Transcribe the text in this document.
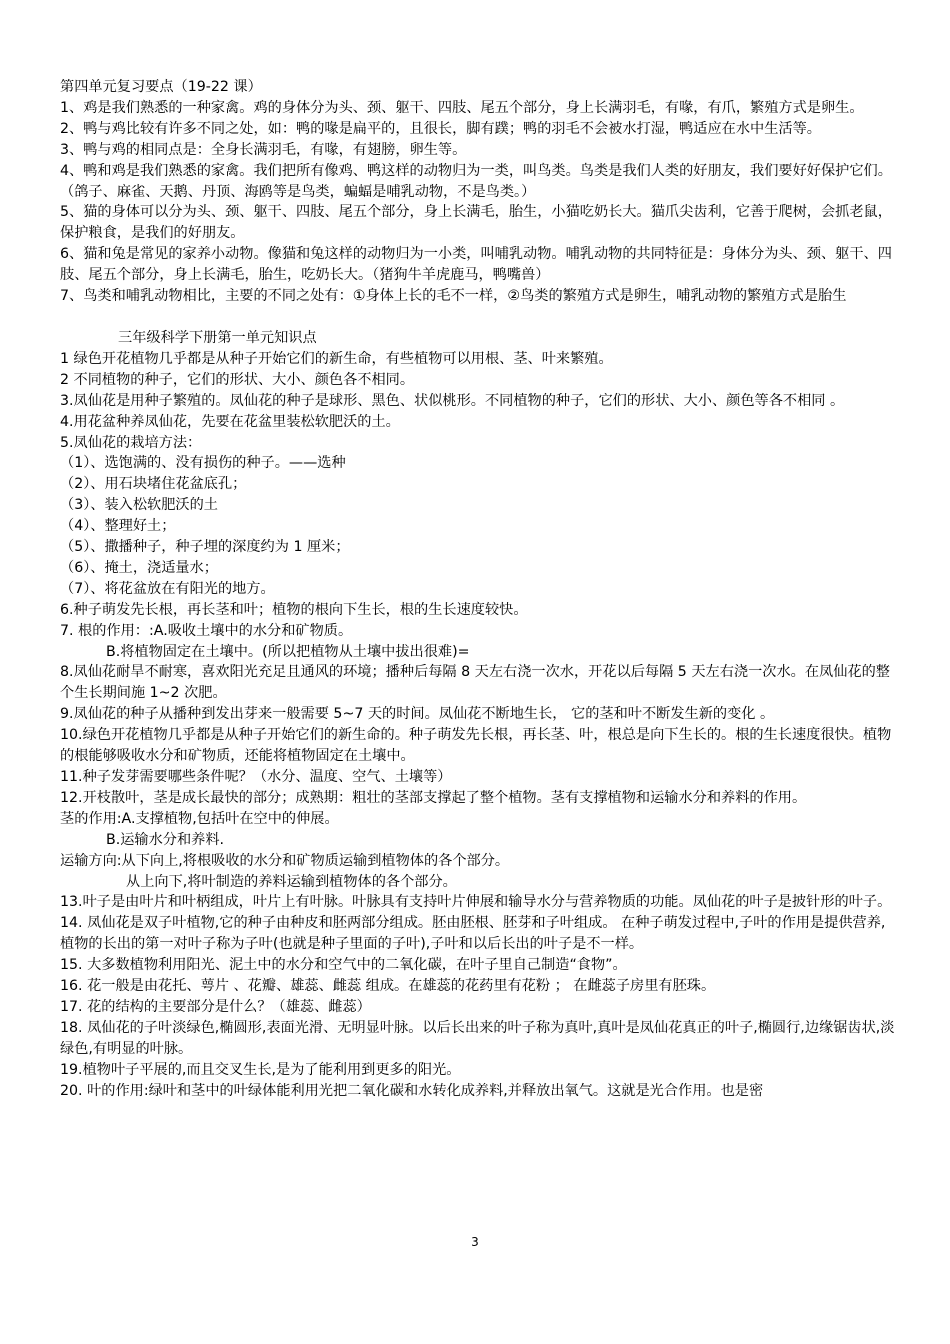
第四单元复习要点（19-22 课）

1、鸡是我们熟悉的一种家禽。鸡的身体分为头、颈、躯干、四肢、尾五个部分，身上长满羽毛，有喙，有爪，繁殖方式是卵生。

2、鸭与鸡比较有许多不同之处，如：鸭的喙是扁平的，且很长，脚有蹼；鸭的羽毛不会被水打湿，鸭适应在水中生活等。

3、鸭与鸡的相同点是：全身长满羽毛，有喙，有翅膀，卵生等。

4、鸭和鸡是我们熟悉的家禽。我们把所有像鸡、鸭这样的动物归为一类，叫鸟类。鸟类是我们人类的好朋友，我们要好好保护它们。（鸽子、麻雀、天鹅、丹顶、海鸥等是鸟类，蝙蝠是哺乳动物，不是鸟类。）

5、猫的身体可以分为头、颈、躯干、四肢、尾五个部分，身上长满毛，胎生，小猫吃奶长大。猫爪尖齿利，它善于爬树，会抓老鼠，保护粮食，是我们的好朋友。

6、猫和兔是常见的家养小动物。像猫和兔这样的动物归为一小类，叫哺乳动物。哺乳动物的共同特征是：身体分为头、颈、躯干、四肢、尾五个部分，身上长满毛，胎生，吃奶长大。（猪狗牛羊虎鹿马，鸭嘴兽）

7、鸟类和哺乳动物相比，主要的不同之处有：①身体上长的毛不一样，②鸟类的繁殖方式是卵生，哺乳动物的繁殖方式是胎生

三年级科学下册第一单元知识点

1 绿色开花植物几乎都是从种子开始它们的新生命，有些植物可以用根、茎、叶来繁殖。

2 不同植物的种子，它们的形状、大小、颜色各不相同。

3.凤仙花是用种子繁殖的。凤仙花的种子是球形、黑色、状似桃形。不同植物的种子，它们的形状、大小、颜色等各不相同 。

4.用花盆种养凤仙花，先要在花盆里装松软肥沃的土。

5.凤仙花的栽培方法：

（1）、选饱满的、没有损伤的种子。——选种

（2）、用石块堵住花盆底孔；

（3）、装入松软肥沃的土

（4）、整理好土；

（5）、撒播种子，种子埋的深度约为 1 厘米；

（6）、掩土，浇适量水；

（7）、将花盆放在有阳光的地方。

6.种子萌发先长根，再长茎和叶；植物的根向下生长，根的生长速度较快。

7. 根的作用：:A.吸收土壤中的水分和矿物质。

B.将植物固定在土壤中。(所以把植物从土壤中拔出很难)=

8.凤仙花耐旱不耐寒，喜欢阳光充足且通风的环境；播种后每隔 8 天左右浇一次水，开花以后每隔 5 天左右浇一次水。在凤仙花的整个生长期间施 1~2 次肥。

9.凤仙花的种子从播种到发出芽来一般需要 5~7 天的时间。凤仙花不断地生长， 它的茎和叶不断发生新的变化 。

10.绿色开花植物几乎都是从种子开始它们的新生命的。种子萌发先长根，再长茎、叶，根总是向下生长的。根的生长速度很快。植物的根能够吸收水分和矿物质，还能将植物固定在土壤中。

11.种子发芽需要哪些条件呢？（水分、温度、空气、土壤等）

12.开枝散叶，茎是成长最快的部分；成熟期：粗壮的茎部支撑起了整个植物。茎有支撑植物和运输水分和养料的作用。

茎的作用:A.支撑植物,包括叶在空中的伸展。

B.运输水分和养料.

运输方向:从下向上,将根吸收的水分和矿物质运输到植物体的各个部分。

从上向下,将叶制造的养料运输到植物体的各个部分。

13.叶子是由叶片和叶柄组成，叶片上有叶脉。叶脉具有支持叶片伸展和输导水分与营养物质的功能。凤仙花的叶子是披针形的叶子。

14. 凤仙花是双子叶植物,它的种子由种皮和胚两部分组成。胚由胚根、胚芽和子叶组成。 在种子萌发过程中,子叶的作用是提供营养,植物的长出的第一对叶子称为子叶(也就是种子里面的子叶),子叶和以后长出的叶子是不一样。

15. 大多数植物利用阳光、泥土中的水分和空气中的二氧化碳，在叶子里自己制造“食物”。

16. 花一般是由花托、萼片 、花瓣、雄蕊、雌蕊 组成。在雄蕊的花药里有花粉 ； 在雌蕊子房里有胚珠。

17. 花的结构的主要部分是什么？（雄蕊、雌蕊）

18. 凤仙花的子叶淡绿色,椭圆形,表面光滑、无明显叶脉。以后长出来的叶子称为真叶,真叶是凤仙花真正的叶子,椭圆行,边缘锯齿状,淡绿色,有明显的叶脉。

19.植物叶子平展的,而且交叉生长,是为了能利用到更多的阳光。

20. 叶的作用:绿叶和茎中的叶绿体能利用光把二氧化碳和水转化成养料,并释放出氧气。这就是光合作用。也是密

3
